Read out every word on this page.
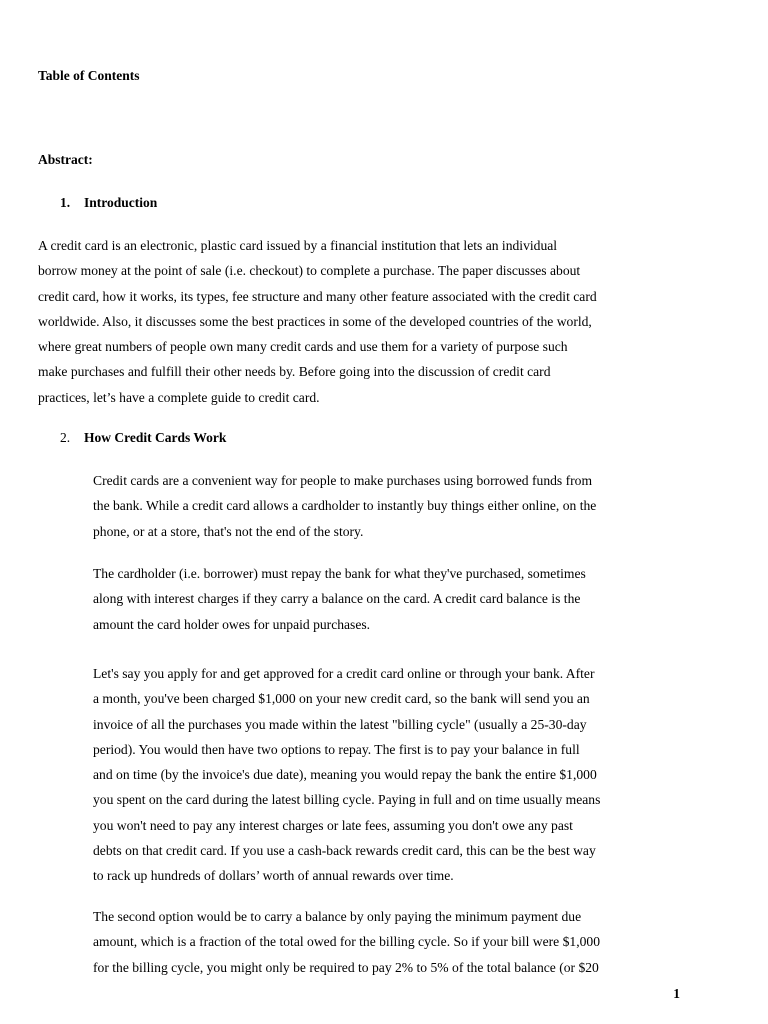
Table of Contents

Abstract:

1. Introduction

A credit card is an electronic, plastic card issued by a financial institution that lets an individual
borrow money at the point of sale (i.e. checkout) to complete a purchase. The paper discusses about
credit card, how it works, its types, fee structure and many other feature associated with the credit card
worldwide. Also, it discusses some the best practices in some of the developed countries of the world,
where great numbers of people own many credit cards and use them for a variety of purpose such
make purchases and fulfill their other needs by. Before going into the discussion of credit card
practices, let’s have a complete guide to credit card.

2. How Credit Cards Work

Credit cards are a convenient way for people to make purchases using borrowed funds from
the bank. While a credit card allows a cardholder to instantly buy things either online, on the
phone, or at a store, that's not the end of the story.
The cardholder (i.e. borrower) must repay the bank for what they've purchased, sometimes
along with interest charges if they carry a balance on the card. A credit card balance is the
amount the card holder owes for unpaid purchases.
Let's say you apply for and get approved for a credit card online or through your bank. After
a month, you've been charged $1,000 on your new credit card, so the bank will send you an
invoice of all the purchases you made within the latest "billing cycle" (usually a 25-30-day
period). You would then have two options to repay. The first is to pay your balance in full
and on time (by the invoice's due date), meaning you would repay the bank the entire $1,000
you spent on the card during the latest billing cycle. Paying in full and on time usually means
you won't need to pay any interest charges or late fees, assuming you don't owe any past
debts on that credit card. If you use a cash-back rewards credit card, this can be the best way
to rack up hundreds of dollars’ worth of annual rewards over time.
The second option would be to carry a balance by only paying the minimum payment due
amount, which is a fraction of the total owed for the billing cycle. So if your bill were $1,000
for the billing cycle, you might only be required to pay 2% to 5% of the total balance (or $20

1
